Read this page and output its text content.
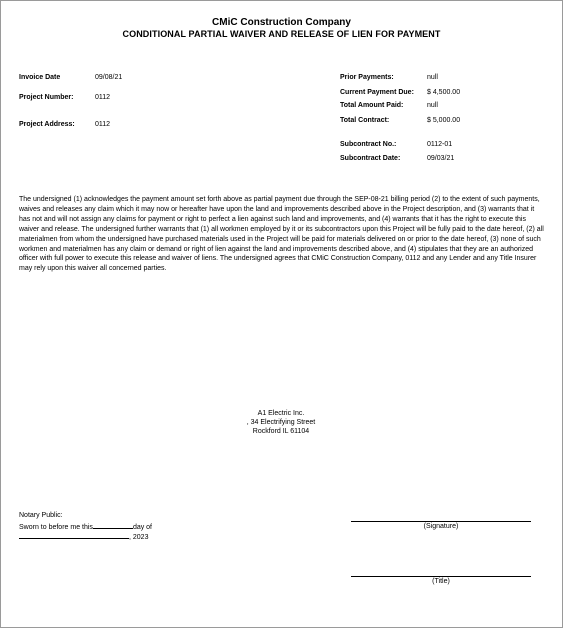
CMiC Construction Company
CONDITIONAL PARTIAL WAIVER AND RELEASE OF LIEN FOR PAYMENT
Invoice Date	09/08/21
Project Number:	0112
Project Address:	0112
Prior Payments:	null
Current Payment Due: $ 4,500.00
Total Amount Paid:	null
Total Contract:	$ 5,000.00
Subcontract No.:	0112-01
Subcontract Date:	09/03/21
The undersigned (1) acknowledges the payment amount set forth above as partial payment due through the SEP-08-21 billing period (2) to the extent of such payments, waives and releases any claim which it may now or hereafter have upon the land and improvements described above in the Project description, and (3) warrants that it has not and will not assign any claims for payment or right to perfect a lien against such land and improvements, and (4) warrants that it has the right to execute this waiver and release. The undersigned further warrants that (1) all workmen employed by it or its subcontractors upon this Project will be fully paid to the date hereof, (2) all materialmen from whom the undersigned have purchased materials used in the Project will be paid for materials delivered on or prior to the date hereof, (3) none of such workmen and materialmen has any claim or demand or right of lien against the land and improvements described above, and (4) stipulates that they are an authorized officer with full power to execute this release and waiver of liens. The undersigned agrees that CMiC Construction Company, 0112 and any Lender and any Title Insurer may rely upon this waiver all concerned parties.
A1 Electric Inc.
, 34 Electrifying Street
Rockford IL 61104
Notary Public:
Sworn to before me this	day of
, 2023
(Signature)
(Title)
